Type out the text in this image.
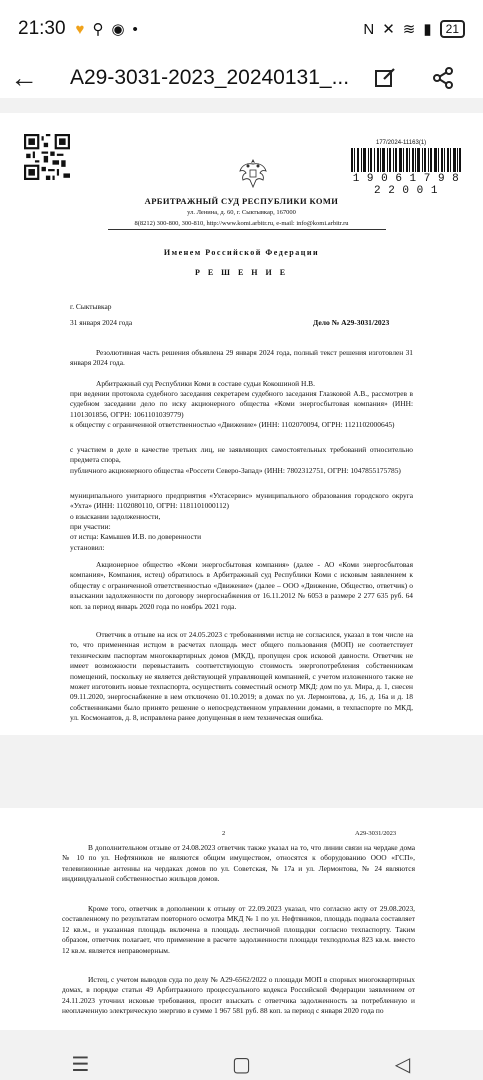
21:30 ♥ ⚲ ◉ •	N ✕ ≋ ▮	21
←	А29-3031-2023_20240131_...
177/2024-11163(1)
1 9 0 6 1 7 9 8 2 2 0 0 1
АРБИТРАЖНЫЙ СУД РЕСПУБЛИКИ КОМИ
ул. Ленина, д. 60, г. Сыктывкар, 167000
8(8212) 300-800, 300-810, http://www.komi.arbitr.ru, e-mail: info@komi.arbitr.ru
Именем Российской Федерации
Р Е Ш Е Н И Е
г. Сыктывкар
31 января 2024 года	Дело № А29-3031/2023
Резолютивная часть решения объявлена 29 января 2024 года, полный текст решения изготовлен 31 января 2024 года.
Арбитражный суд Республики Коми в составе судьи Кокошиной Н.В.
при ведении протокола судебного заседания секретарем судебного заседания Глазковой А.В., рассмотрев в судебном заседании дело по иску акционерного общества «Коми энергосбытовая компания» (ИНН: 1101301856, ОГРН: 1061101039779)
к обществу с ограниченной ответственностью «Движение» (ИНН: 1102070094, ОГРН: 1121102000645)
с участием в деле в качестве третьих лиц, не заявляющих самостоятельных требований относительно предмета спора,
публичного акционерного общества «Россети Северо-Запад» (ИНН: 7802312751, ОГРН: 1047855175785)
муниципального унитарного предприятия «Ухтасервис» муниципального образования городского округа «Ухта» (ИНН: 1102080110, ОГРН: 1181101000112)
о взыскании задолженности,
при участии:
от истца: Камышев И.В. по доверенности
установил:
Акционерное общество «Коми энергосбытовая компания» (далее - АО «Коми энергосбытовая компания», Компания, истец) обратилось в Арбитражный суд Республики Коми с исковым заявлением к обществу с ограниченной ответственностью «Движение» (далее – ООО «Движение, Общество, ответчик) о взыскании задолженности по договору энергоснабжения от 16.11.2012 № 6053 в размере 2 277 635 руб. 64 коп. за период январь 2020 года по ноябрь 2021 года.
Ответчик в отзыве на иск от 24.05.2023 с требованиями истца не согласился, указал в том числе на то, что примененная истцом в расчетах площадь мест общего пользования (МОП) не соответствует техническим паспортам многоквартирных домов (МКД), пропущен срок исковой давности. Ответчик не имеет возможности перевыставить соответствующую стоимость энергопотребления собственникам помещений, поскольку не является действующей управляющей компанией, с учетом изложенного также не может изготовить новые техпаспорта, осуществить совместный осмотр МКД: дом по ул. Мира, д. 1, снесен 09.11.2020, энергоснабжение в нем отключено 01.10.2019; в домах по ул. Лермонтова, д. 16, д. 16а и д. 18 собственниками было принято решение о непосредственном управлении домами, в техпаспорте по МКД, ул. Космонавтов, д. 8, исправлена ранее допущенная в нем техническая ошибка.
2	А29-3031/2023
В дополнительном отзыве от 24.08.2023 ответчик также указал на то, что линии связи на чердаке дома № 10 по ул. Нефтяников не являются общим имуществом, относятся к оборудованию ООО «ГСП», телевизионные антенны на чердаках домов по ул. Советская, № 17а и ул. Лермонтова, № 24 являются индивидуальной собственностью жильцов домов.
Кроме того, ответчик в дополнении к отзыву от 22.09.2023 указал, что согласно акту от 29.08.2023, составленному по результатам повторного осмотра МКД № 1 по ул. Нефтяников, площадь подвала составляет 12 кв.м., и указанная площадь включена в площадь лестничной площадки согласно техпаспорту. Таким образом, ответчик полагает, что применение в расчете задолженности площади техподполья 823 кв.м. вместо 12 кв.м. является неправомерным.
Истец, с учетом выводов суда по делу № А29-6562/2022 о площади МОП в спорных многоквартирных домах, в порядке статьи 49 Арбитражного процессуального кодекса Российской Федерации заявлением от 24.11.2023 уточнил исковые требования, просит взыскать с ответчика задолженность за потребленную и неоплаченную электрическую энергию в сумме 1 967 581 руб. 88 коп. за период с января 2020 года по
☰	▢	◁
